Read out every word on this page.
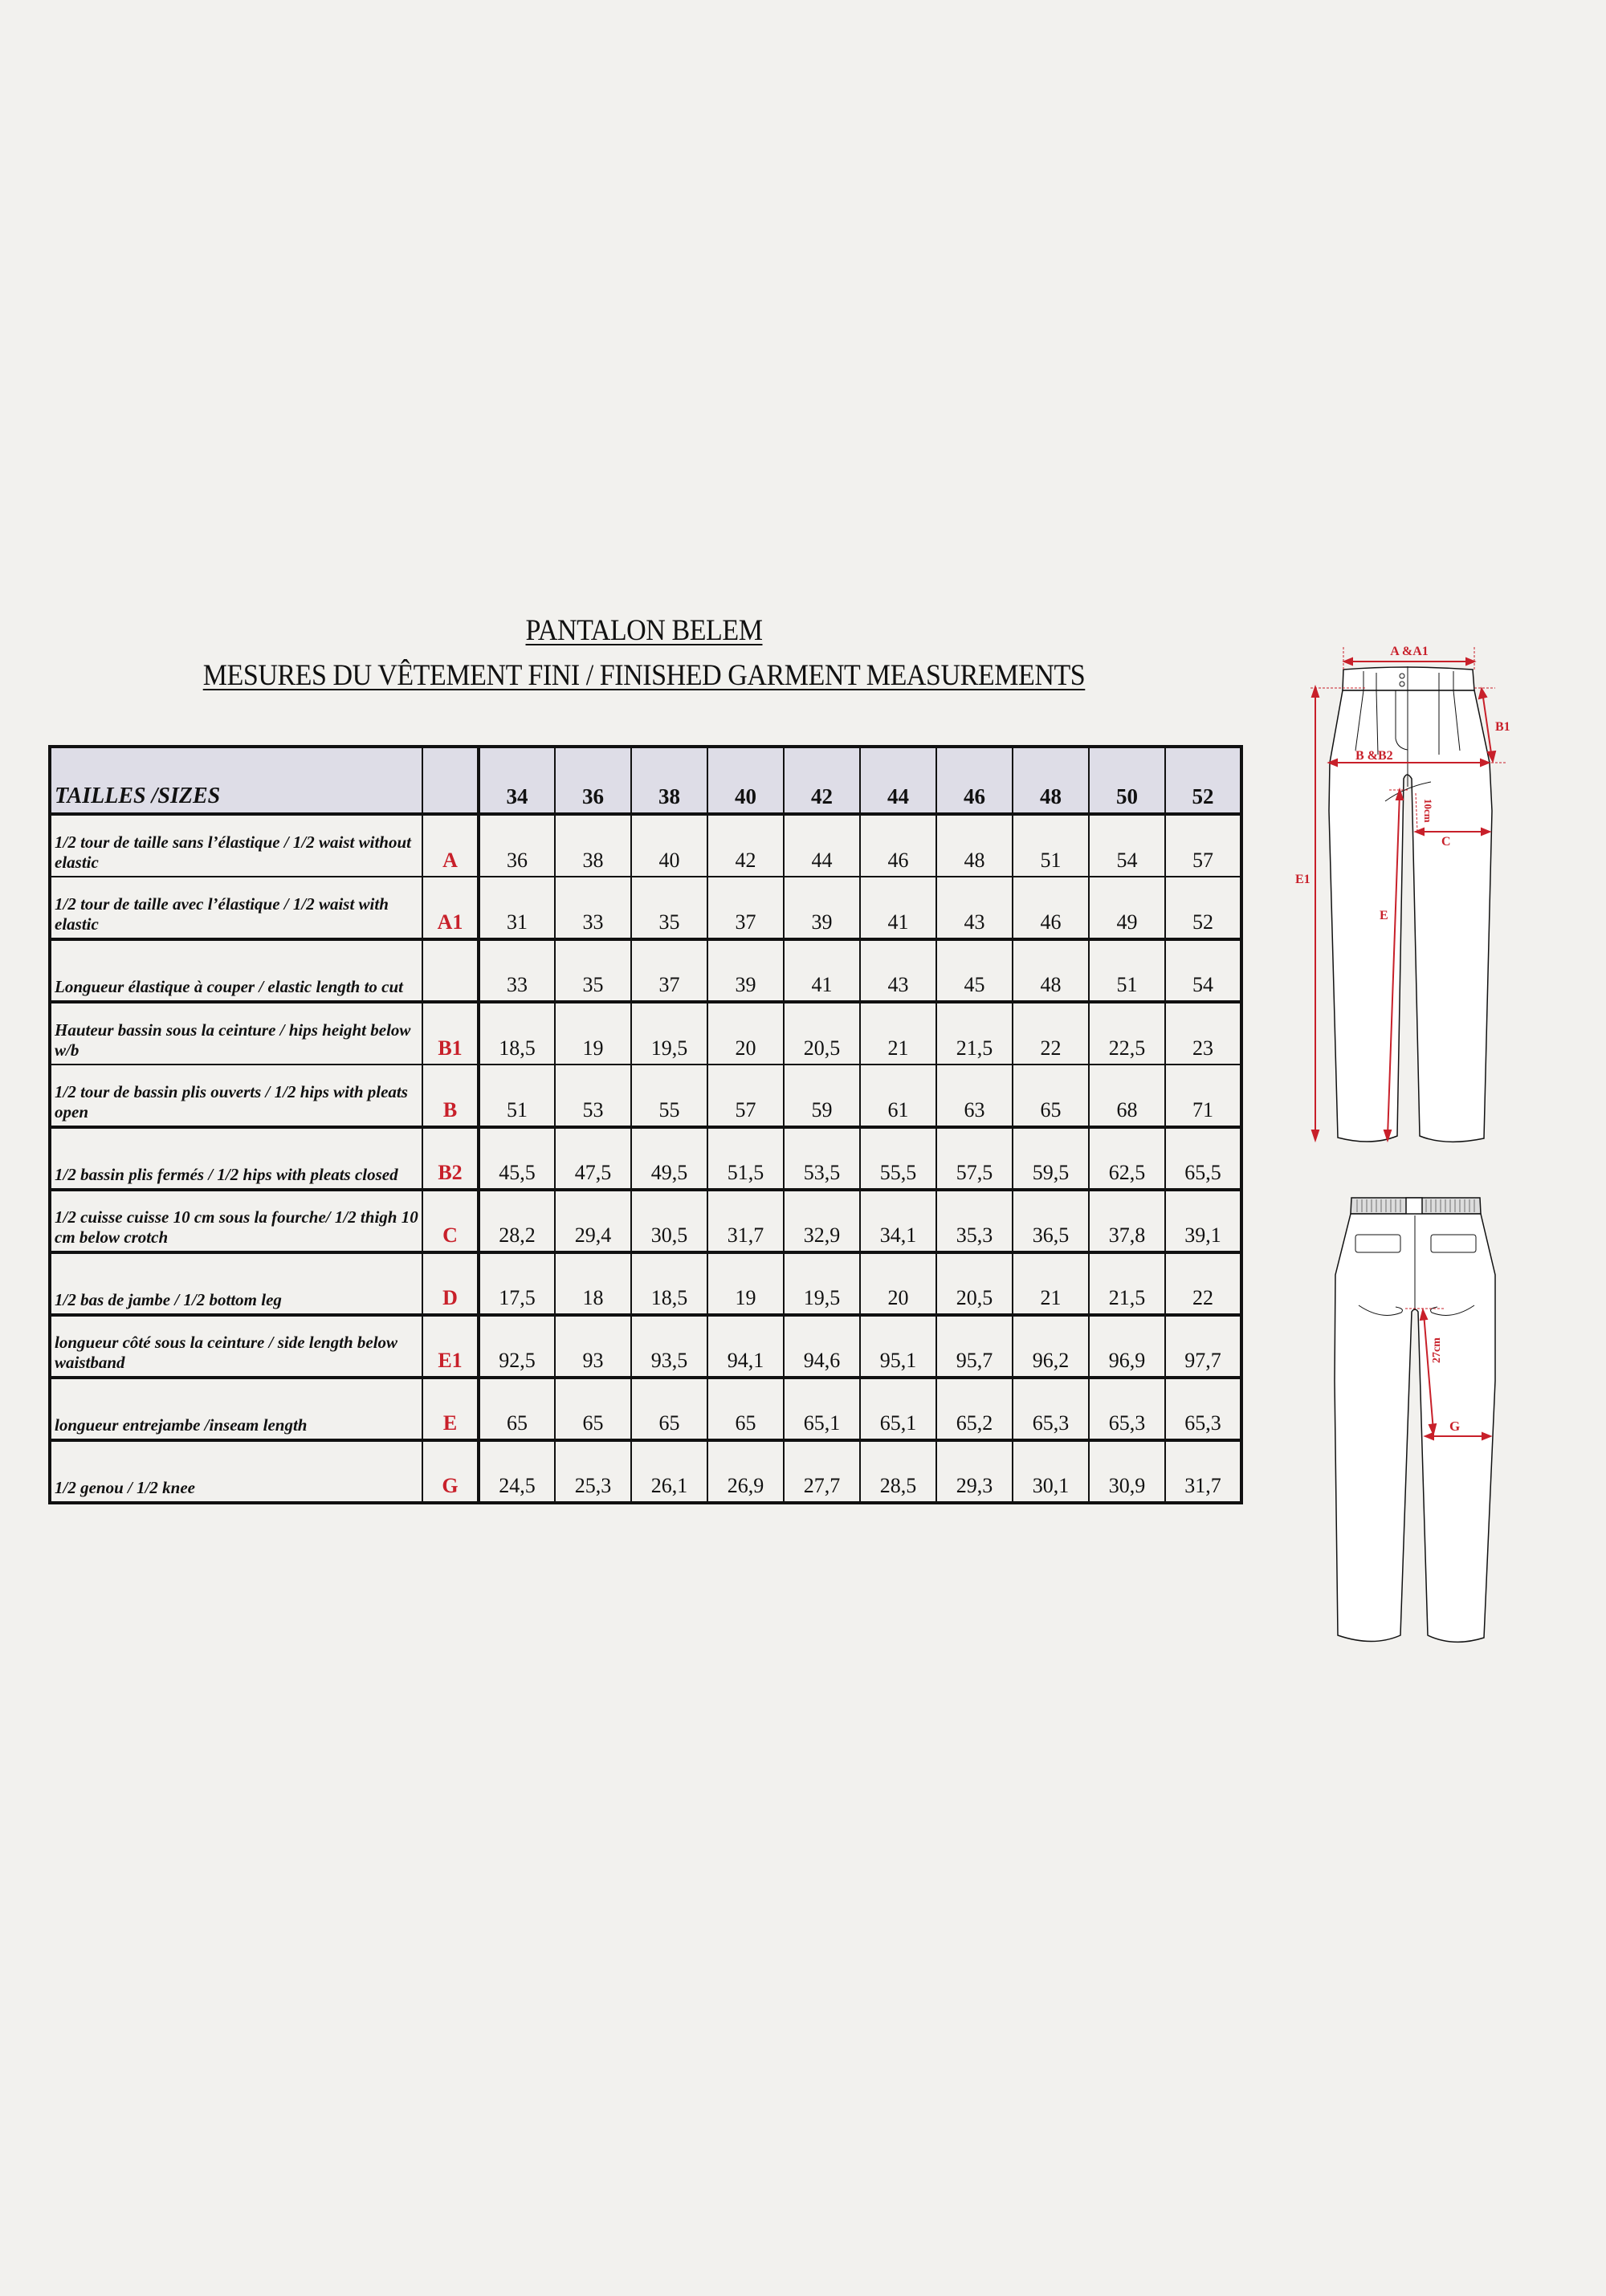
PANTALON BELEM
MESURES DU VÊTEMENT FINI / FINISHED GARMENT MEASUREMENTS
TAILLES /SIZES		34	36	38	40	42	44	46	48	50	52
1/2 tour de taille sans l’élastique / 1/2 waist without elastic	A	36	38	40	42	44	46	48	51	54	57
1/2 tour de taille avec l’élastique / 1/2 waist with elastic	A1	31	33	35	37	39	41	43	46	49	52
Longueur élastique à couper / elastic length to cut		33	35	37	39	41	43	45	48	51	54
Hauteur bassin sous la ceinture / hips height below w/b	B1	18,5	19	19,5	20	20,5	21	21,5	22	22,5	23
1/2 tour de bassin plis ouverts / 1/2 hips with pleats open	B	51	53	55	57	59	61	63	65	68	71
1/2 bassin plis fermés / 1/2 hips with pleats closed	B2	45,5	47,5	49,5	51,5	53,5	55,5	57,5	59,5	62,5	65,5
1/2 cuisse cuisse 10 cm sous la fourche/ 1/2 thigh 10 cm below crotch	C	28,2	29,4	30,5	31,7	32,9	34,1	35,3	36,5	37,8	39,1
1/2 bas de jambe / 1/2 bottom leg	D	17,5	18	18,5	19	19,5	20	20,5	21	21,5	22
longueur côté sous la ceinture / side length below waistband	E1	92,5	93	93,5	94,1	94,6	95,1	95,7	96,2	96,9	97,7
longueur entrejambe /inseam length	E	65	65	65	65	65,1	65,1	65,2	65,3	65,3	65,3
1/2 genou / 1/2 knee	G	24,5	25,3	26,1	26,9	27,7	28,5	29,3	30,1	30,9	31,7
A &A1
B &B2
B1
10cm
C
E1
E
27cm
G
